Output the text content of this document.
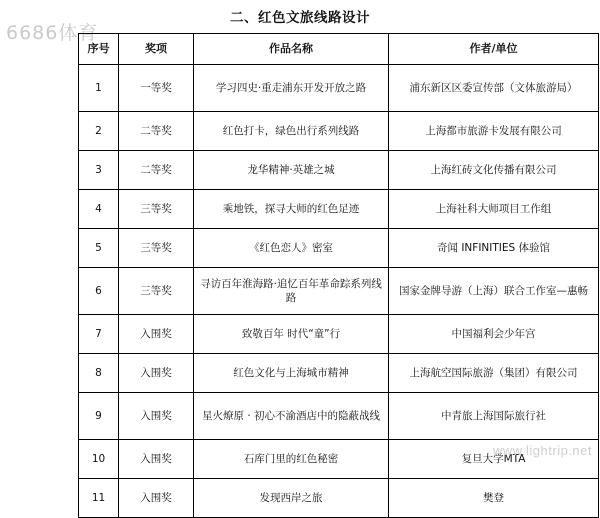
6686体育
二、红色文旅线路设计
序号	奖项	作品名称	作者/单位
1	一等奖	学习四史·重走浦东开发开放之路	浦东新区区委宣传部（文体旅游局）
2	二等奖	红色打卡，绿色出行系列线路	上海都市旅游卡发展有限公司
3	二等奖	龙华精神·英雄之城	上海红砖文化传播有限公司
4	三等奖	乘地铁，探寻大师的红色足迹	上海社科大师项目工作组
5	三等奖	《红色恋人》密室	奇闻 INFINITIES 体验馆
6	三等奖	寻访百年淮海路·追忆百年革命踪系列线路	国家金牌导游（上海）联合工作室—惠畅
7	入围奖	致敬百年 时代“童”行	中国福利会少年宫
8	入围奖	红色文化与上海城市精神	上海航空国际旅游（集团）有限公司
9	入围奖	星火燎原 · 初心不渝酒店中的隐蔽战线	中青旅上海国际旅行社
10	入围奖	石库门里的红色秘密	复旦大学MTA
11	入围奖	发现西岸之旅	樊登
www.lightrip.net
